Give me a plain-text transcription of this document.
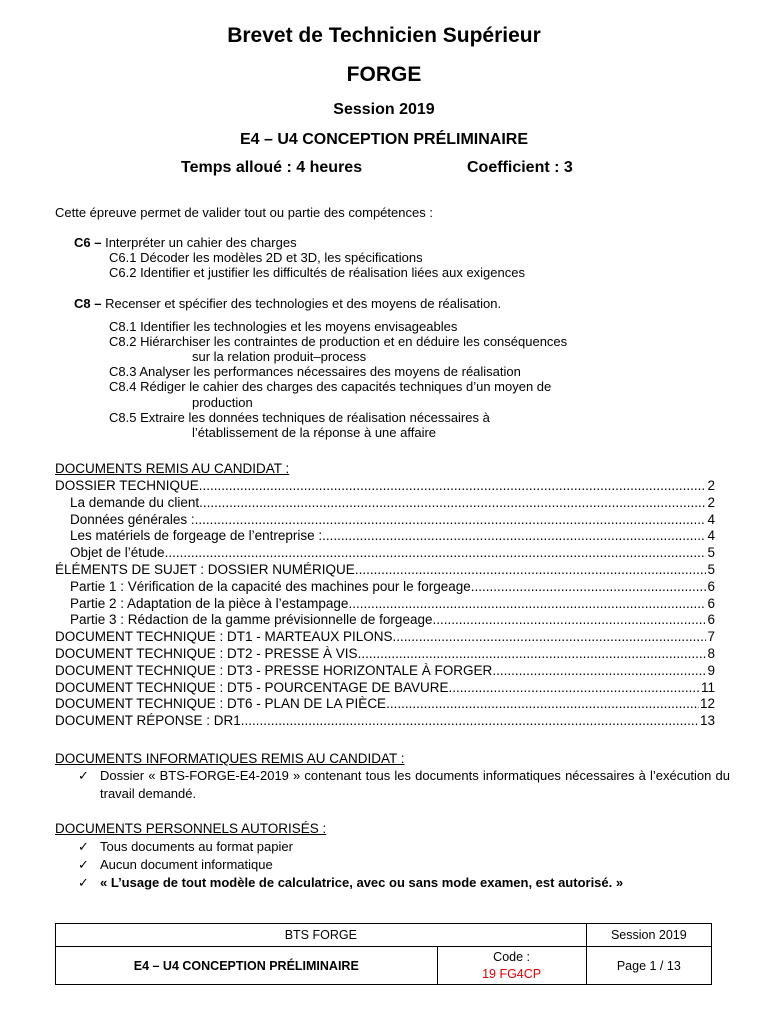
Brevet de Technicien Supérieur
FORGE
Session 2019
E4 – U4 CONCEPTION PRÉLIMINAIRE
Temps alloué : 4 heures	Coefficient : 3
Cette épreuve permet de valider tout ou partie des compétences :
C6 – Interpréter un cahier des charges
C6.1 Décoder les modèles 2D et 3D, les spécifications
C6.2 Identifier et justifier les difficultés de réalisation liées aux exigences
C8 – Recenser et spécifier des technologies et des moyens de réalisation.
C8.1 Identifier les technologies et les moyens envisageables
C8.2 Hiérarchiser les contraintes de production et en déduire les conséquences
sur la relation produit–process
C8.3 Analyser les performances nécessaires des moyens de réalisation
C8.4 Rédiger le cahier des charges des capacités techniques d’un moyen de
production
C8.5 Extraire les données techniques de réalisation nécessaires à
l’établissement de la réponse à une affaire
DOCUMENTS REMIS AU CANDIDAT :
DOSSIER TECHNIQUE .....	2
La demande du client .....	2
Données générales : .....	4
Les matériels de forgeage de l’entreprise : .....	4
Objet de l’étude .....	5
ÉLÉMENTS DE SUJET : DOSSIER NUMÉRIQUE .....	5
Partie 1 : Vérification de la capacité des machines pour le forgeage .....	6
Partie 2 : Adaptation de la pièce à l’estampage .....	6
Partie 3 : Rédaction de la gamme prévisionnelle de forgeage .....	6
DOCUMENT TECHNIQUE : DT1 - MARTEAUX PILONS .....	7
DOCUMENT TECHNIQUE : DT2 - PRESSE À VIS .....	8
DOCUMENT TECHNIQUE : DT3 - PRESSE HORIZONTALE À FORGER .....	9
DOCUMENT TECHNIQUE : DT5 - POURCENTAGE DE BAVURE .....	11
DOCUMENT TECHNIQUE : DT6 - PLAN DE LA PIÈCE .....	12
DOCUMENT RÉPONSE : DR1 .....	13
DOCUMENTS INFORMATIQUES REMIS AU CANDIDAT :
✓ Dossier « BTS-FORGE-E4-2019 » contenant tous les documents informatiques nécessaires à l’exécution du travail demandé.
DOCUMENTS PERSONNELS AUTORISÉS :
✓ Tous documents au format papier
✓ Aucun document informatique
✓ « L’usage de tout modèle de calculatrice, avec ou sans mode examen, est autorisé. »
BTS FORGE		Session 2019
E4 – U4 CONCEPTION PRÉLIMINAIRE	Code :
19 FG4CP	Page 1 / 13
